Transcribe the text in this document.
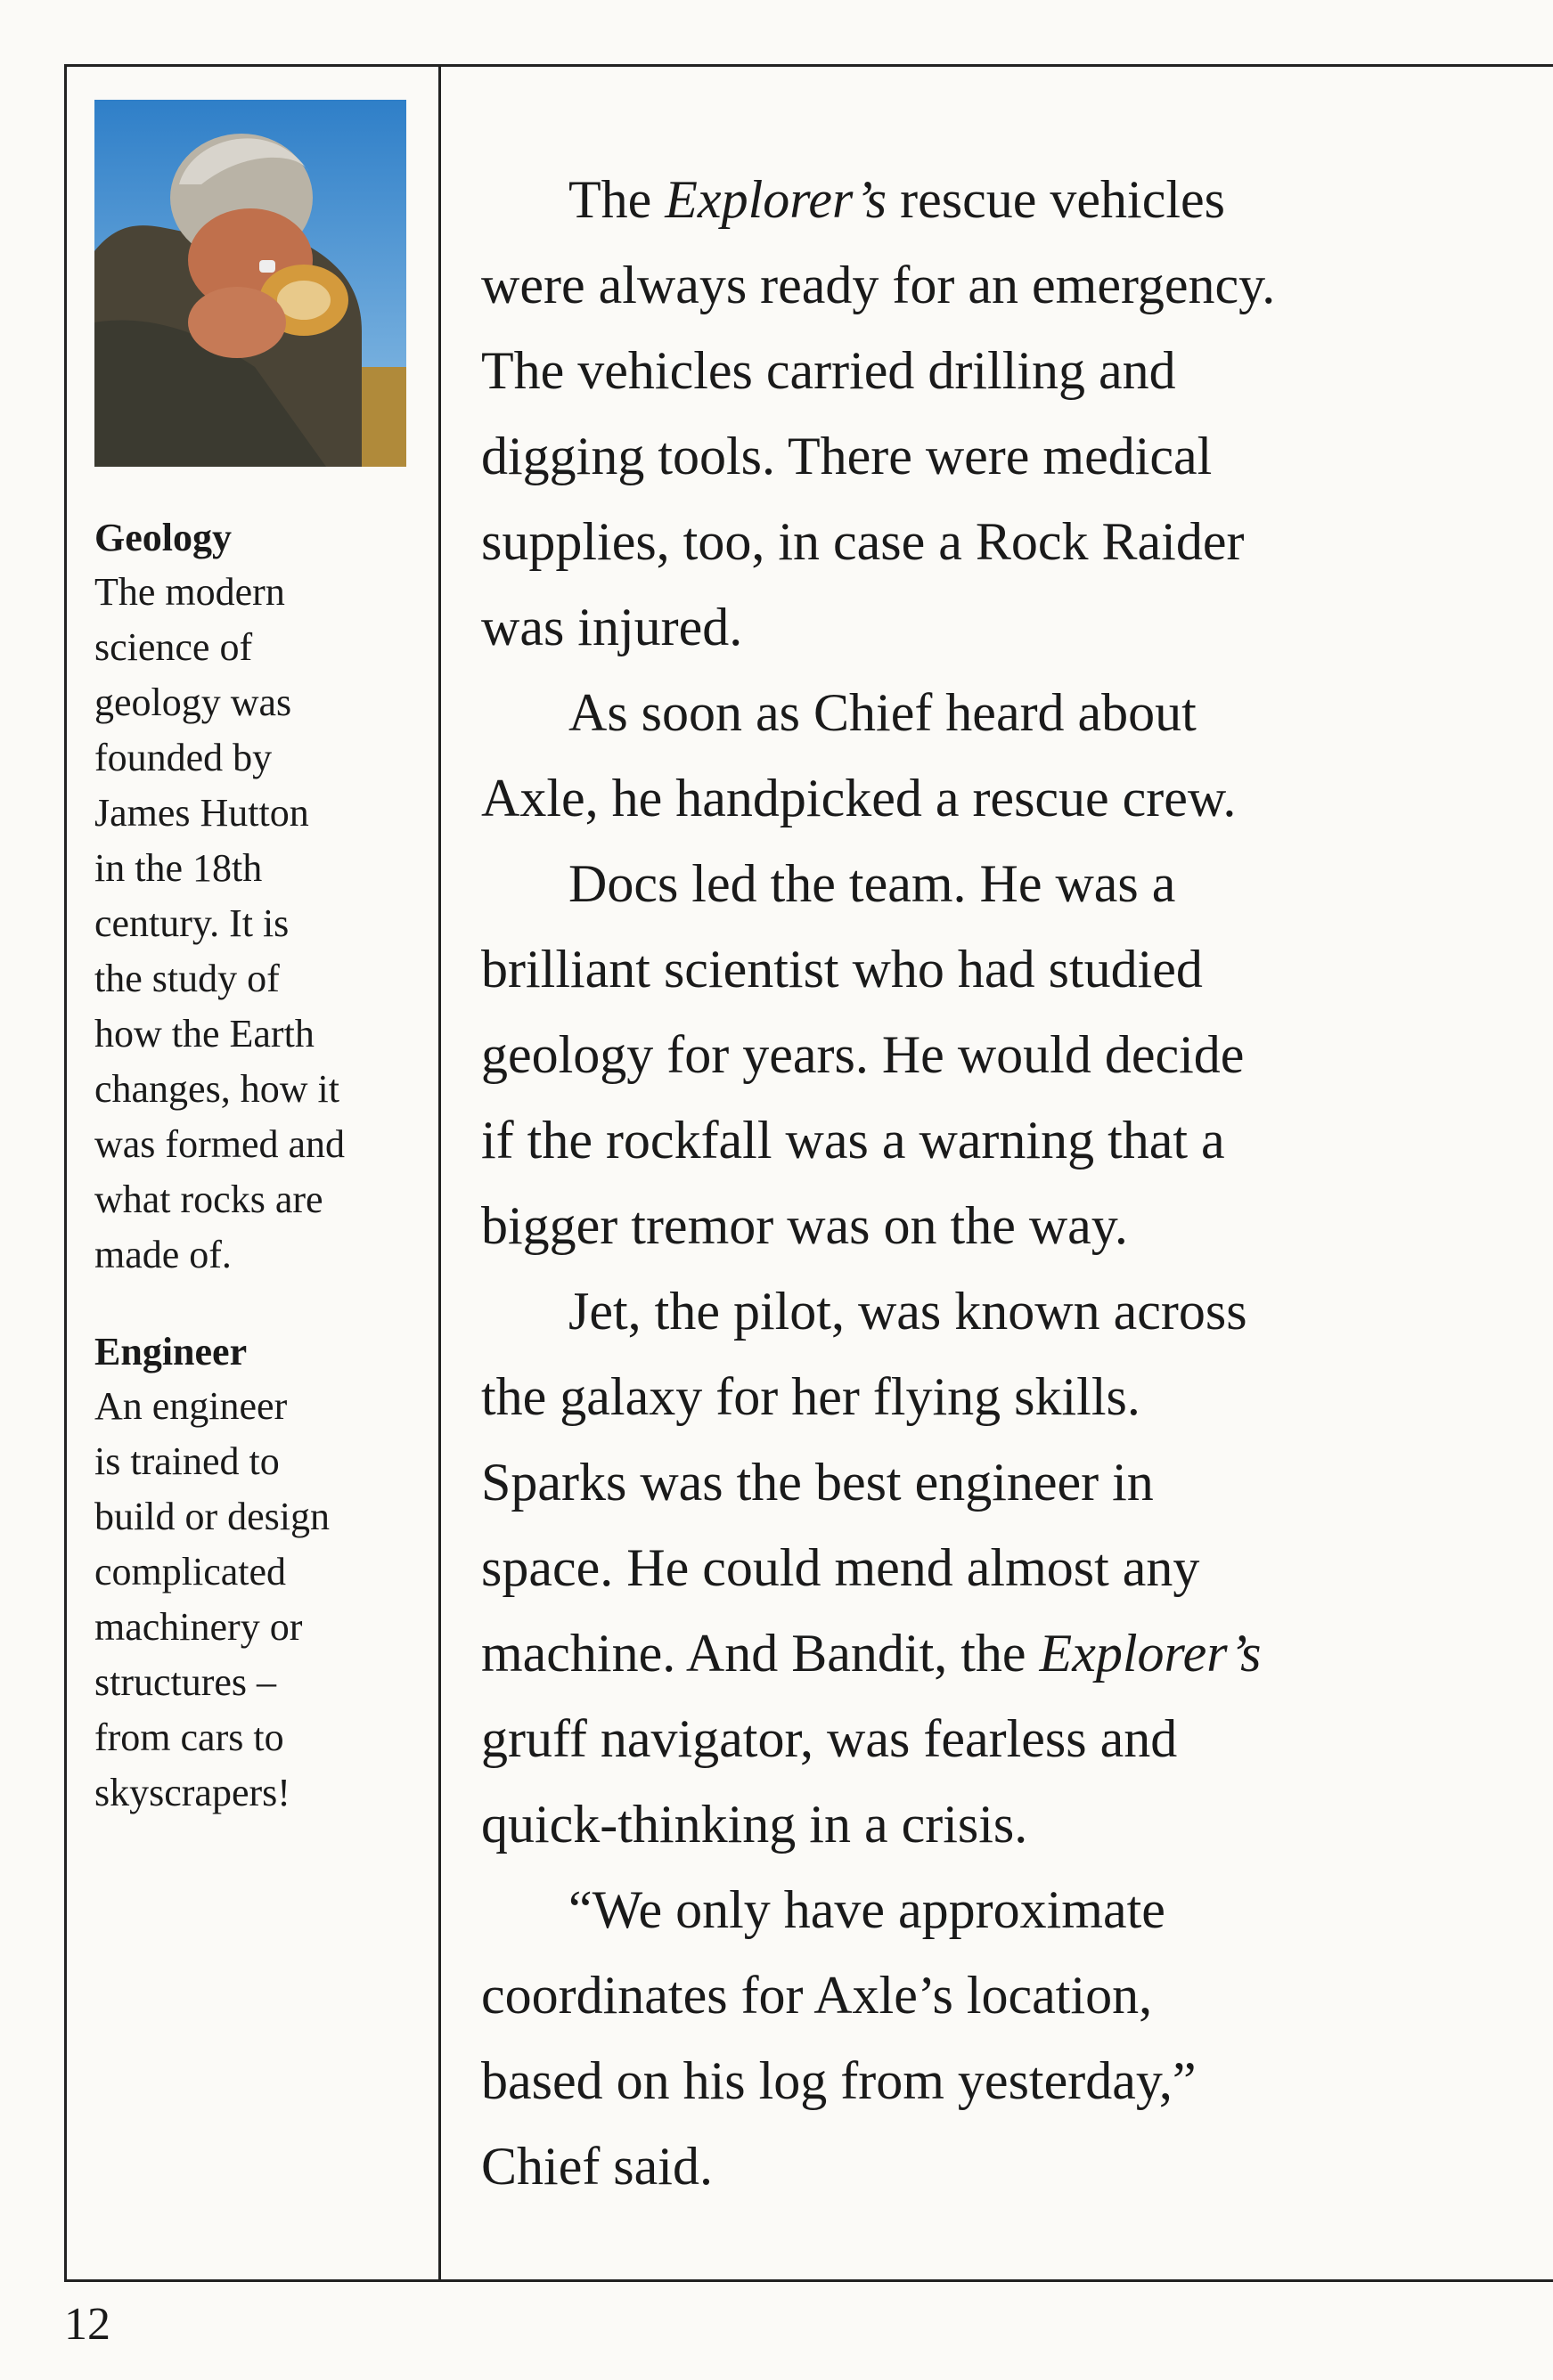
Geology
The modern
science of
geology was
founded by
James Hutton
in the 18th
century. It is
the study of
how the Earth
changes, how it
was formed and
what rocks are
made of.
Engineer
An engineer
is trained to
build or design
complicated
machinery or
structures –
from cars to
skyscrapers!

The Explorer’s rescue vehicles
were always ready for an emergency.
The vehicles carried drilling and
digging tools. There were medical
supplies, too, in case a Rock Raider
was injured.

As soon as Chief heard about
Axle, he handpicked a rescue crew.

Docs led the team. He was a
brilliant scientist who had studied
geology for years. He would decide
if the rockfall was a warning that a
bigger tremor was on the way.

Jet, the pilot, was known across
the galaxy for her flying skills.
Sparks was the best engineer in
space. He could mend almost any
machine. And Bandit, the Explorer’s
gruff navigator, was fearless and
quick-thinking in a crisis.

“We only have approximate
coordinates for Axle’s location,
based on his log from yesterday,”
Chief said.

12
